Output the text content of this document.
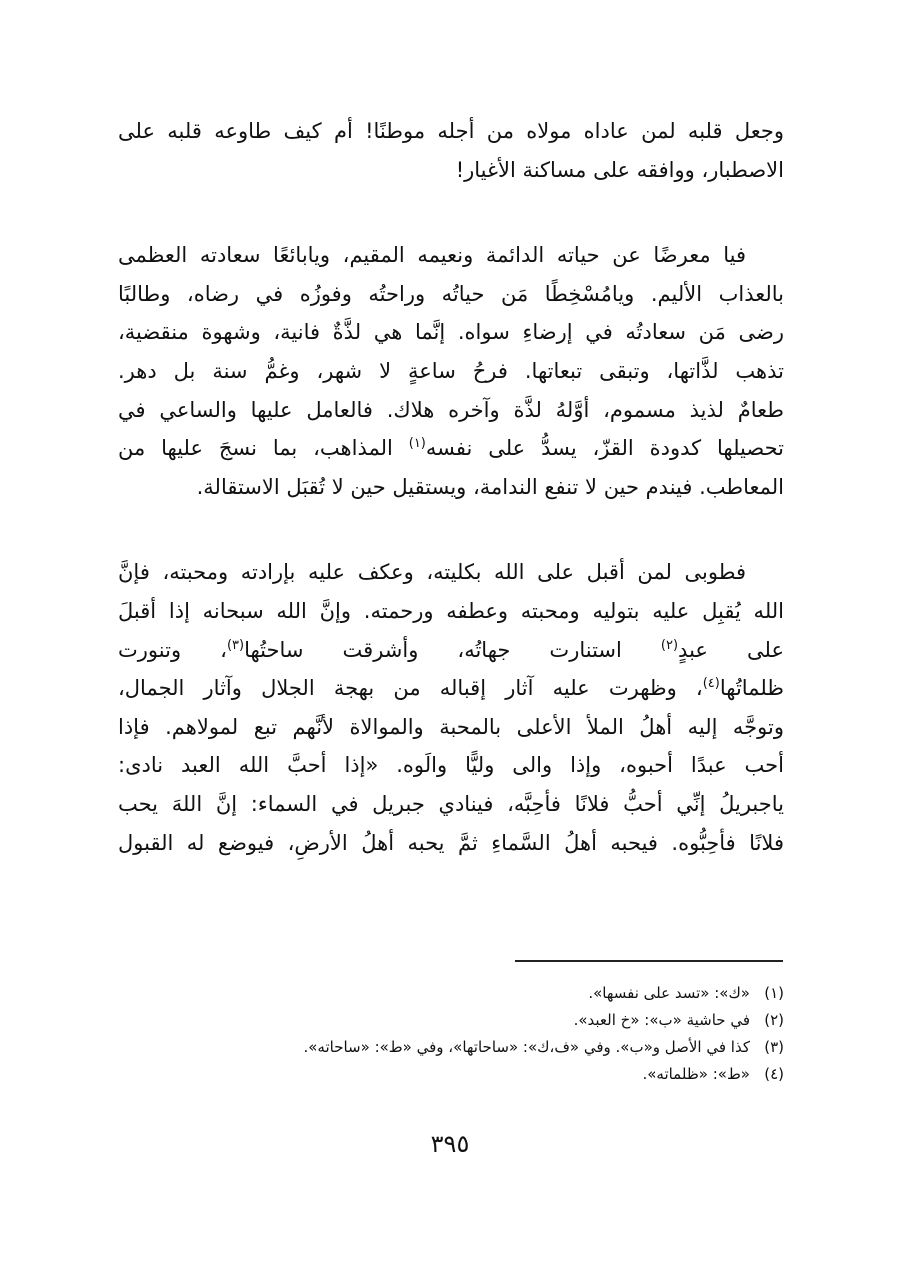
وجعل قلبه لمن عاداه مولاه من أجله موطنًا! أم كيف طاوعه قلبه على
الاصطبار، ووافقه على مساكنة الأغيار!

فيا معرضًا عن حياته الدائمة ونعيمه المقيم، ويابائعًا سعادته العظمى
بالعذاب الأليم. ويامُسْخِطًا مَن حياتُه وراحتُه وفوزُه في رضاه، وطالبًا
رضى مَن سعادتُه في إرضاءِ سواه. إنَّما هي لذَّةٌ فانية، وشهوة منقضية،
تذهب لذَّاتها، وتبقى تبعاتها. فرحُ ساعةٍ لا شهر، وغمُّ سنة بل دهر.
طعامٌ لذيذ مسموم، أوَّلهُ لذَّة وآخره هلاك. فالعامل عليها والساعي في
تحصيلها كدودة القزّ، يسدُّ على نفسه$^{(١)}$ المذاهب، بما نسجَ عليها من
المعاطب. فيندم حين لا تنفع الندامة، ويستقيل حين لا تُقبَل الاستقالة.

فطوبى لمن أقبل على الله بكليته، وعكف عليه بإرادته ومحبته، فإنَّ
الله يُقبِل عليه بتوليه ومحبته وعطفه ورحمته. وإنَّ الله سبحانه إذا أقبلَ
على عبدٍ$^{(٢)}$ استنارت جهاتُه، وأشرقت ساحتُها$^{(٣)}$، وتنورت
ظلماتُها$^{(٤)}$، وظهرت عليه آثار إقباله من بهجة الجلال وآثار الجمال،
وتوجَّه إليه أهلُ الملأ الأعلى بالمحبة والموالاة لأنَّهم تبع لمولاهم. فإذا
أحب عبدًا أحبوه، وإذا والى وليًّا والَوه. «إذا أحبَّ الله العبد نادى:
ياجبريلُ إنِّي أحبُّ فلانًا فأحِبَّه، فينادي جبريل في السماء: إنَّ اللهَ يحب
فلانًا فأحِبُّوه. فيحبه أهلُ السَّماءِ ثمَّ يحبه أهلُ الأرضِ، فيوضع له القبول

(١)«ك»: «تسد على نفسها».
(٢)في حاشية «ب»: «خ العبد».
(٣)كذا في الأصل و«ب». وفي «ف،ك»: «ساحاتها»، وفي «ط»: «ساحاته».
(٤)«ط»: «ظلماته».
٣٩٥
